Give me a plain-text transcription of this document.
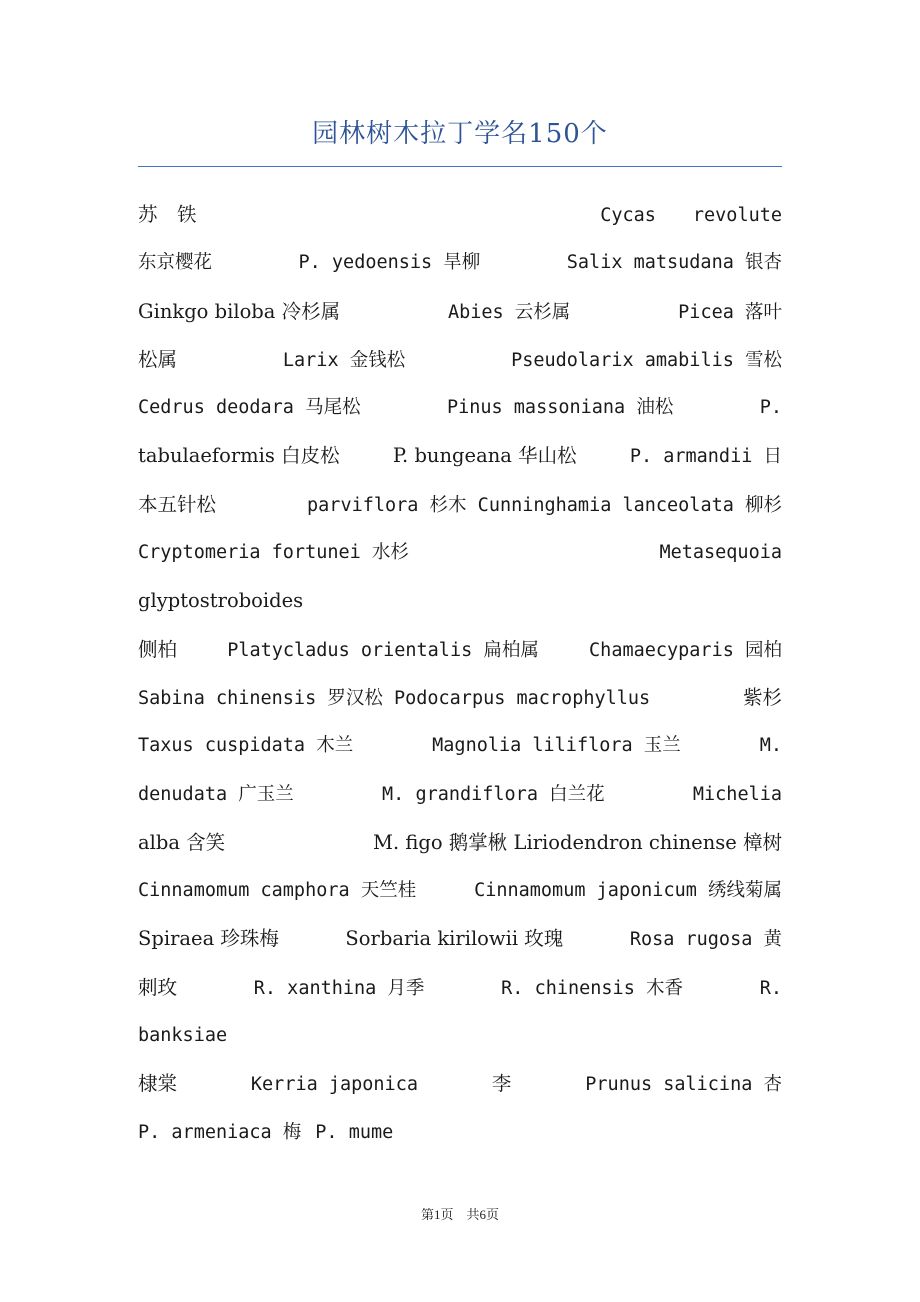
园林树木拉丁学名150个
苏　铁	Cycas　　revolute
东京樱花	P. yedoensis 旱柳	Salix matsudana 银杏
Ginkgo biloba 冷杉属	Abies 云杉属	Picea 落叶
松属	Larix 金钱松	Pseudolarix amabilis 雪松
Cedrus deodara 马尾松	Pinus massoniana 油松	P.
tabulaeformis 白皮松	P. bungeana 华山松	P. armandii 日
本五针松	parviflora 杉木 Cunninghamia lanceolata 柳杉
Cryptomeria fortunei 水杉	Metasequoia
glyptostroboides
侧柏	Platycladus orientalis 扁柏属	Chamaecyparis 园柏
Sabina chinensis 罗汉松 Podocarpus macrophyllus	紫杉
Taxus cuspidata 木兰	Magnolia liliflora 玉兰	M.
denudata 广玉兰	M. grandiflora 白兰花	Michelia
alba 含笑	M. figo 鹅掌楸 Liriodendron chinense 樟树
Cinnamomum camphora 天竺桂	Cinnamomum japonicum 绣线菊属
Spiraea 珍珠梅	Sorbaria kirilowii 玫瑰	Rosa rugosa 黄
刺玫	R. xanthina 月季	R. chinensis 木香	R.
banksiae
棣棠	Kerria japonica	李	Prunus salicina 杏
P. armeniaca 梅 P. mume
第1页　共6页
